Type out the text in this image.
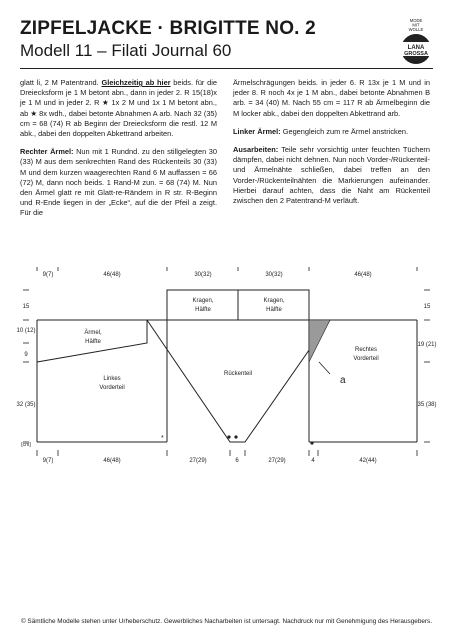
ZIPFELJACKE · BRIGITTE NO. 2
Modell 11 – Filati Journal 60
MODE
MIT
WOLLE
LANA
GROSSA

glatt li, 2 M Patentrand. Gleichzeitig ab hier beids. für die Dreiecksform je 1 M betont abn., dann in jeder 2. R 15(18)x je 1 M und in jeder 2. R ★ 1x 2 M und 1x 1 M betont abn., ab ★ 8x wdh., dabei betonte Abnahmen A arb. Nach 32 (35) cm = 68 (74) R ab Beginn der Dreiecksform die restl. 12 M abk., dabei den doppelten Abkettrand arbeiten.

Rechter Ärmel: Nun mit 1 Rundnd. zu den stillgelegten 30 (33) M aus dem senkrechten Rand des Rückenteils 30 (33) M und dem kurzen waagerechten Rand 6 M auffassen = 66 (72) M, dann noch beids. 1 Rand-M zun. = 68 (74) M. Nun den Ärmel glatt re mit Glatt-re-Rändern in R str. R-Beginn und R-Ende liegen in der „Ecke“, auf die der Pfeil a zeigt. Für die

Ärmelschrägungen beids. in jeder 6. R 13x je 1 M und in jeder 8. R noch 4x je 1 M abn., dabei betonte Abnahmen B arb. = 34 (40) M. Nach 55 cm = 117 R ab Ärmelbeginn die M locker abk., dabei den doppelten Abkettrand arb.

Linker Ärmel: Gegengleich zum re Ärmel anstricken.

Ausarbeiten: Teile sehr vorsichtig unter feuchten Tüchern dämpfen, dabei nicht dehnen. Nun noch Vorder-/Rückenteil- und Ärmelnähte schließen, dabei treffen an den Vorder-/Rückenteilnähten die Markierungen aufeinander. Hierbei darauf achten, dass die Naht am Rückenteil zwischen den 2 Patentrand-M verläuft.

9(7)	46(48)	30(32)	30(32)	46(48)
9(7)	46(48)	27(29)	6	27(29)	4	42(44)
15
10 (12)
9
32 (35)
[cm]
15
19 (21)
35 (38)
Kragen,
Hälfte
Kragen,
Hälfte
Ärmel,
Hälfte
Linkes
Vorderteil
Rückenteil
Rechtes
Vorderteil
a
*
© Sämtliche Modelle stehen unter Urheberschutz. Gewerbliches Nacharbeiten ist untersagt. Nachdruck nur mit Genehmigung des Herausgebers.
